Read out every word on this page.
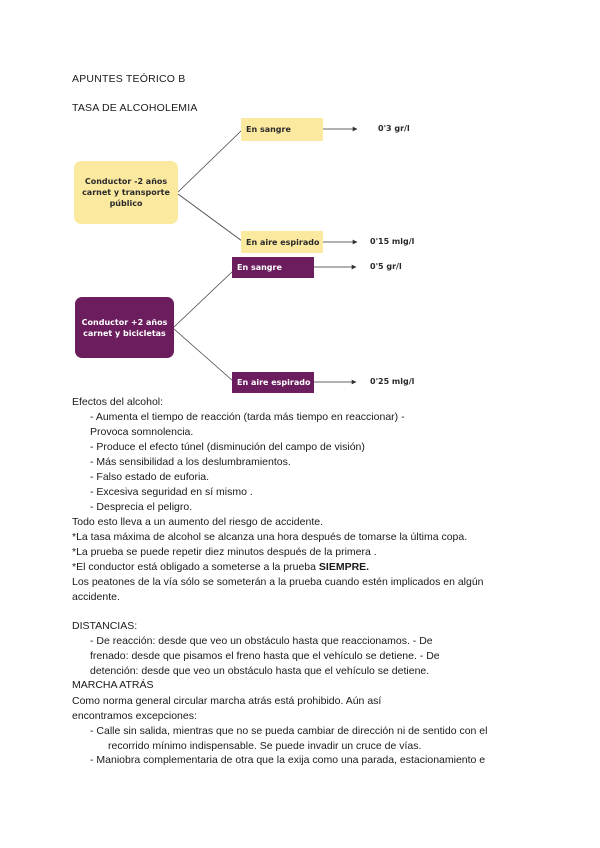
APUNTES TEÓRICO B
TASA DE ALCOHOLEMIA
Conductor -2 años carnet y transporte público
En sangre
En aire espirado
0'3 gr/l
0'15 mlg/l
Conductor +2 años carnet y bicicletas
En sangre
En aire espirado
0'5 gr/l
0'25 mlg/l
Efectos del alcohol:
- Aumenta el tiempo de reacción (tarda más tiempo en reaccionar) -
Provoca somnolencia.
- Produce el efecto túnel (disminución del campo de visión)
- Más sensibilidad a los deslumbramientos.
- Falso estado de euforia.
- Excesiva seguridad en sí mismo .
- Desprecia el peligro.
Todo esto lleva a un aumento del riesgo de accidente.
*La tasa máxima de alcohol se alcanza una hora después de tomarse la última copa.
*La prueba se puede repetir diez minutos después de la primera .
*El conductor está obligado a someterse a la prueba SIEMPRE.
Los peatones de la vía sólo se someterán a la prueba cuando estén implicados en algún
accidente.
DISTANCIAS:
- De reacción: desde que veo un obstáculo hasta que reaccionamos. - De
frenado: desde que pisamos el freno hasta que el vehículo se detiene. - De
detención: desde que veo un obstáculo hasta que el vehículo se detiene.
MARCHA ATRÁS
Como norma general circular marcha atrás está prohibido. Aún así
encontramos excepciones:
- Calle sin salida, mientras que no se pueda cambiar de dirección ni de sentido con el
recorrido mínimo indispensable. Se puede invadir un cruce de vías.
- Maniobra complementaria de otra que la exija como una parada, estacionamiento e
